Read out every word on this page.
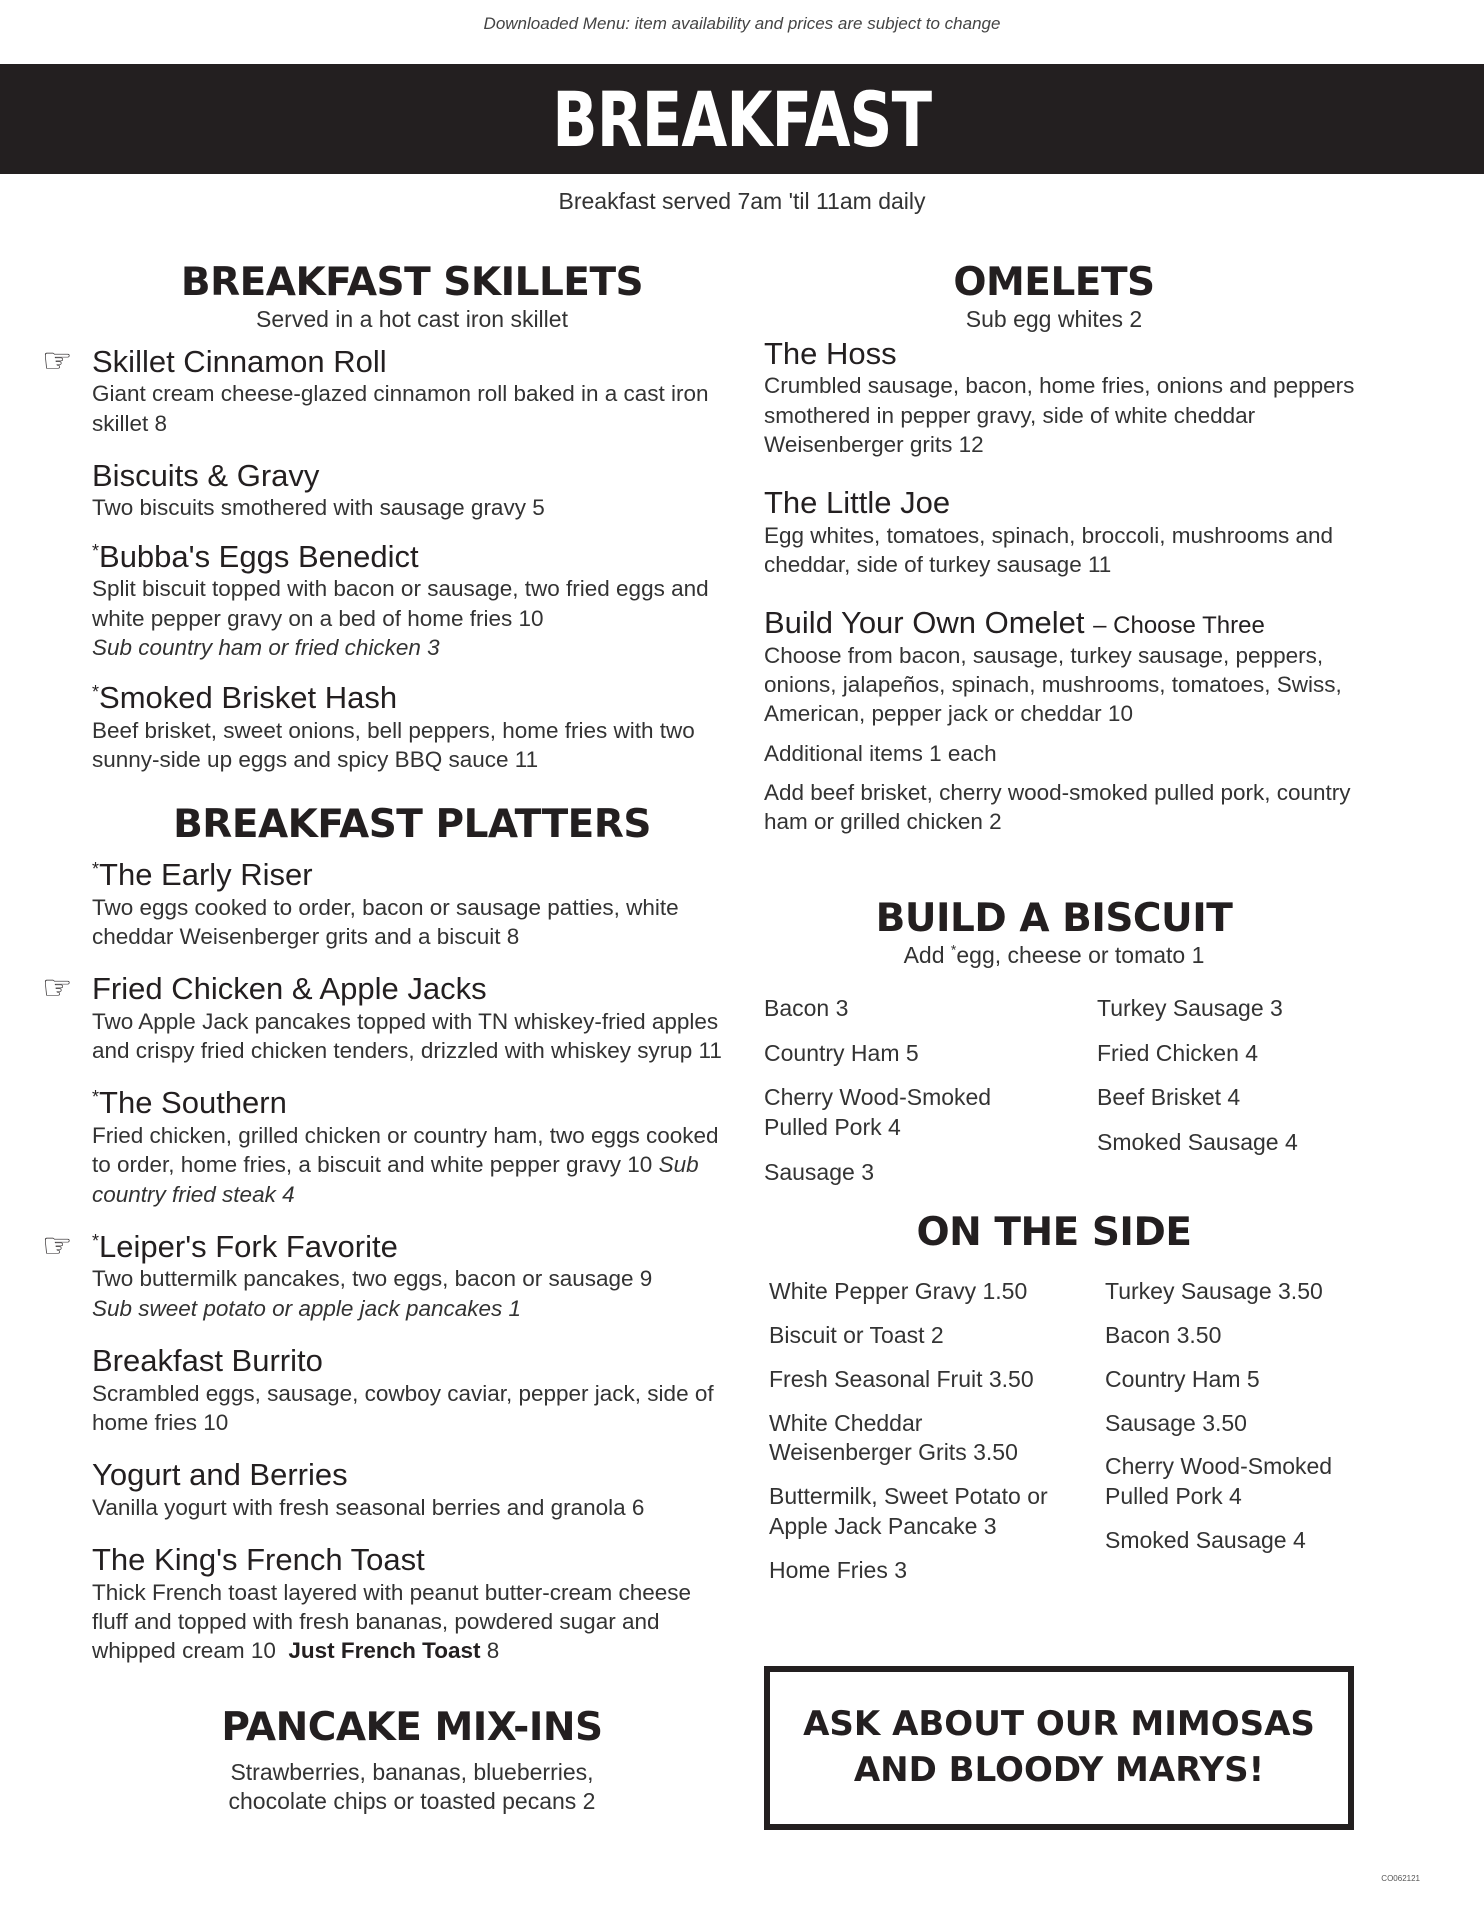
Downloaded Menu: item availability and prices are subject to change
BREAKFAST
Breakfast served 7am 'til 11am daily
BREAKFAST SKILLETS
Served in a hot cast iron skillet
☞ Skillet Cinnamon Roll
Giant cream cheese-glazed cinnamon roll baked in a cast iron skillet 8
Biscuits & Gravy
Two biscuits smothered with sausage gravy 5
*Bubba's Eggs Benedict
Split biscuit topped with bacon or sausage, two fried eggs and white pepper gravy on a bed of home fries 10
Sub country ham or fried chicken 3
*Smoked Brisket Hash
Beef brisket, sweet onions, bell peppers, home fries with two sunny-side up eggs and spicy BBQ sauce 11
BREAKFAST PLATTERS
*The Early Riser
Two eggs cooked to order, bacon or sausage patties, white cheddar Weisenberger grits and a biscuit 8
☞ Fried Chicken & Apple Jacks
Two Apple Jack pancakes topped with TN whiskey-fried apples and crispy fried chicken tenders, drizzled with whiskey syrup 11
*The Southern
Fried chicken, grilled chicken or country ham, two eggs cooked to order, home fries, a biscuit and white pepper gravy 10 Sub country fried steak 4
☞ *Leiper's Fork Favorite
Two buttermilk pancakes, two eggs, bacon or sausage 9
Sub sweet potato or apple jack pancakes 1
Breakfast Burrito
Scrambled eggs, sausage, cowboy caviar, pepper jack, side of home fries 10
Yogurt and Berries
Vanilla yogurt with fresh seasonal berries and granola 6
The King's French Toast
Thick French toast layered with peanut butter-cream cheese fluff and topped with fresh bananas, powdered sugar and whipped cream 10 Just French Toast 8
PANCAKE MIX-INS
Strawberries, bananas, blueberries,
chocolate chips or toasted pecans 2
OMELETS
Sub egg whites 2
The Hoss
Crumbled sausage, bacon, home fries, onions and peppers smothered in pepper gravy, side of white cheddar Weisenberger grits 12
The Little Joe
Egg whites, tomatoes, spinach, broccoli, mushrooms and cheddar, side of turkey sausage 11
Build Your Own Omelet – Choose Three
Choose from bacon, sausage, turkey sausage, peppers, onions, jalapeños, spinach, mushrooms, tomatoes, Swiss, American, pepper jack or cheddar 10
Additional items 1 each
Add beef brisket, cherry wood-smoked pulled pork, country ham or grilled chicken 2
BUILD A BISCUIT
Add *egg, cheese or tomato 1
Bacon 3
Country Ham 5
Cherry Wood-Smoked Pulled Pork 4
Sausage 3
Turkey Sausage 3
Fried Chicken 4
Beef Brisket 4
Smoked Sausage 4
ON THE SIDE
White Pepper Gravy 1.50
Biscuit or Toast 2
Fresh Seasonal Fruit 3.50
White Cheddar Weisenberger Grits 3.50
Buttermilk, Sweet Potato or Apple Jack Pancake 3
Home Fries 3
Turkey Sausage 3.50
Bacon 3.50
Country Ham 5
Sausage 3.50
Cherry Wood-Smoked Pulled Pork 4
Smoked Sausage 4
ASK ABOUT OUR MIMOSAS
AND BLOODY MARYS!
CO062121
